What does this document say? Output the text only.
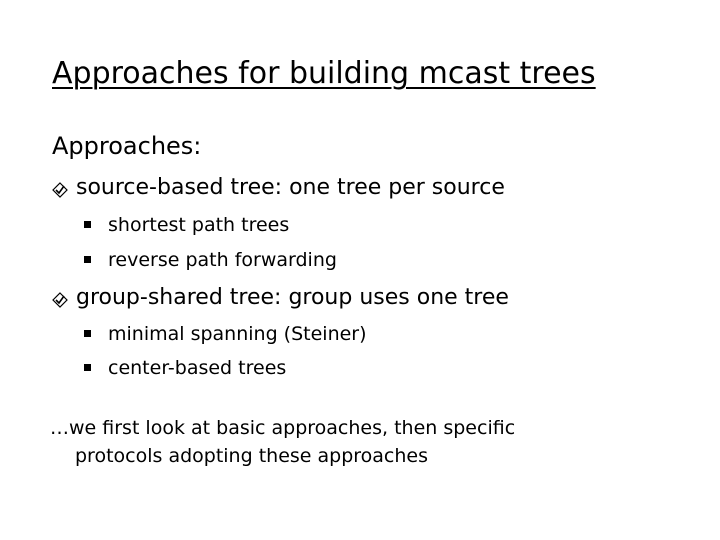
Approaches for building mcast trees
Approaches:
source-based tree: one tree per source
shortest path trees
reverse path forwarding
group-shared tree: group uses one tree
minimal spanning (Steiner)
center-based trees
…we first look at basic approaches, then specific
protocols adopting these approaches
